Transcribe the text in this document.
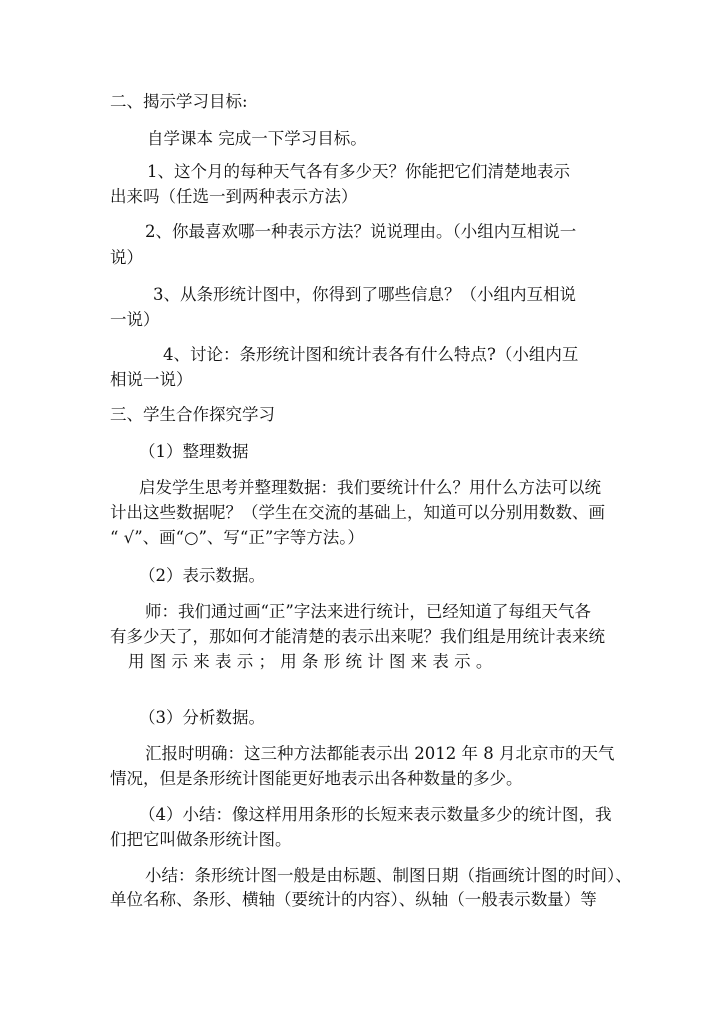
二、揭示学习目标:

自学课本 完成一下学习目标。

1、这个月的每种天气各有多少天？你能把它们清楚地表示

出来吗（任选一到两种表示方法）

2、你最喜欢哪一种表示方法？说说理由。（小组内互相说一

说）

3、从条形统计图中，你得到了哪些信息？（小组内互相说

一说）

4、讨论：条形统计图和统计表各有什么特点?（小组内互

相说一说）

三、学生合作探究学习

（1）整理数据

启发学生思考并整理数据：我们要统计什么？用什么方法可以统

计出这些数据呢？（学生在交流的基础上，知道可以分别用数数、画

“ √”、画“○”、写“正”字等方法。）

（2）表示数据。

师：我们通过画“正”字法来进行统计，已经知道了每组天气各

有多少天了，那如何才能清楚的表示出来呢？我们组是用统计表来统

用 图 示 来 表 示 ； 用 条 形 统 计 图 来 表 示 。

（3）分析数据。

汇报时明确：这三种方法都能表示出 2012 年 8 月北京市的天气

情况，但是条形统计图能更好地表示出各种数量的多少。

（4）小结：像这样用用条形的长短来表示数量多少的统计图，我

们把它叫做条形统计图。

小结：条形统计图一般是由标题、制图日期（指画统计图的时间）、

单位名称、条形、横轴（要统计的内容）、纵轴（一般表示数量）等
